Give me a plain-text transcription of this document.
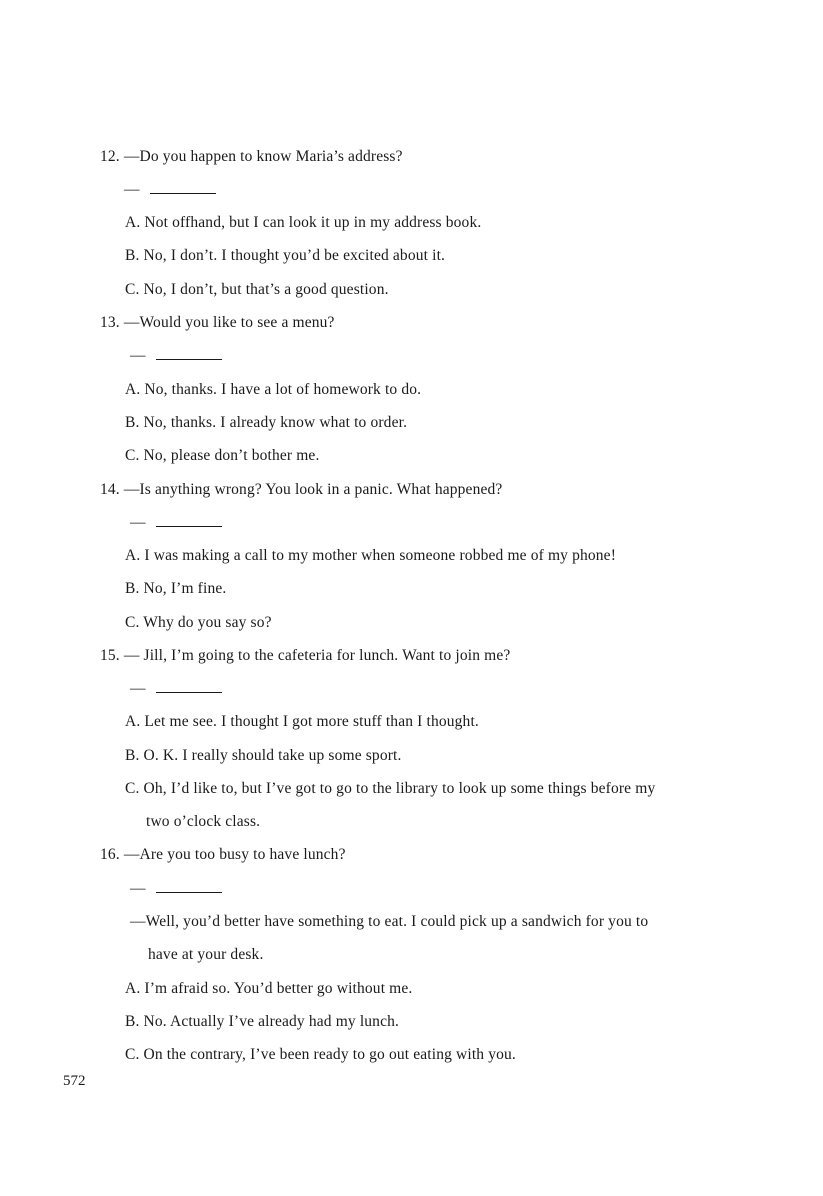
12. —Do you happen to know Maria’s address?
—
A. Not offhand, but I can look it up in my address book.
B. No, I don’t. I thought you’d be excited about it.
C. No, I don’t, but that’s a good question.
13. —Would you like to see a menu?
—
A. No, thanks. I have a lot of homework to do.
B. No, thanks. I already know what to order.
C. No, please don’t bother me.
14. —Is anything wrong? You look in a panic. What happened?
—
A. I was making a call to my mother when someone robbed me of my phone!
B. No, I’m fine.
C. Why do you say so?
15. — Jill, I’m going to the cafeteria for lunch. Want to join me?
—
A. Let me see. I thought I got more stuff than I thought.
B. O. K. I really should take up some sport.
C. Oh, I’d like to, but I’ve got to go to the library to look up some things before my
two o’clock class.
16. —Are you too busy to have lunch?
—
—Well, you’d better have something to eat. I could pick up a sandwich for you to
have at your desk.
A. I’m afraid so. You’d better go without me.
B. No. Actually I’ve already had my lunch.
C. On the contrary, I’ve been ready to go out eating with you.
572
